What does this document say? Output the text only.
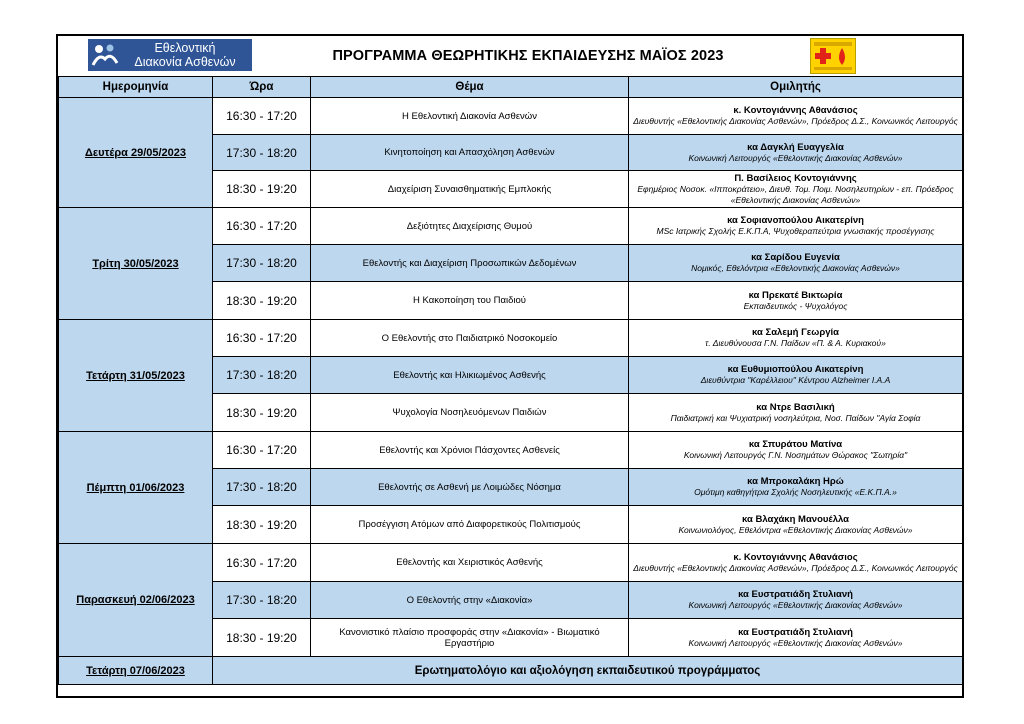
Εθελοντική
Διακονία Ασθενών	ΠΡΟΓΡΑΜΜΑ ΘΕΩΡΗΤΙΚΗΣ ΕΚΠΑΙΔΕΥΣΗΣ ΜΑΪΟΣ 2023
Ημερομηνία	Ώρα	Θέμα	Ομιλητής
Δευτέρα 29/05/2023	16:30 - 17:20	Η Εθελοντική Διακονία Ασθενών	κ. Κοντογιάννης Αθανάσιος
Διευθυντής «Εθελοντικής Διακονίας Ασθενών», Πρόεδρος Δ.Σ., Κοινωνικός Λειτουργός

	17:30 - 18:20	Κινητοποίηση και Απασχόληση Ασθενών	κα Δαγκλή Ευαγγελία
Κοινωνική Λειτουργός «Εθελοντικής Διακονίας Ασθενών»

	18:30 - 19:20	Διαχείριση Συναισθηματικής Εμπλοκής	Π. Βασίλειος Κοντογιάννης
Εφημέριος Νοσοκ. «Ιπποκράτειο», Διευθ. Τομ. Ποιμ. Νοσηλευτηρίων - επ. Πρόεδρος «Εθελοντικής Διακονίας Ασθενών»

Τρίτη 30/05/2023	16:30 - 17:20	Δεξιότητες Διαχείρισης Θυμού	κα Σοφιανοπούλου Αικατερίνη
MSc Ιατρικής Σχολής Ε.Κ.Π.Α, Ψυχοθεραπεύτρια γνωσιακής προσέγγισης

	17:30 - 18:20	Εθελοντής και Διαχείριση Προσωπικών Δεδομένων	κα Σαρίδου Ευγενία
Νομικός, Εθελόντρια «Εθελοντικής Διακονίας Ασθενών»

	18:30 - 19:20	Η Κακοποίηση του Παιδιού	κα Πρεκατέ Βικτωρία
Εκπαιδευτικός - Ψυχολόγος

Τετάρτη 31/05/2023	16:30 - 17:20	Ο Εθελοντής στο Παιδιατρικό Νοσοκομείο	κα Σαλεμή Γεωργία
τ. Διευθύνουσα Γ.Ν. Παίδων «Π. & Α. Κυριακού»

	17:30 - 18:20	Εθελοντής και Ηλικιωμένος Ασθενής	κα Ευθυμιοπούλου Αικατερίνη
Διευθύντρια "Καρέλλειου" Κέντρου Alzheimer Ι.Α.Α

	18:30 - 19:20	Ψυχολογία Νοσηλευόμενων Παιδιών	κα Ντρε Βασιλική
Παιδιατρική και Ψυχιατρική νοσηλεύτρια, Νοσ. Παίδων "Αγία Σοφία

Πέμπτη 01/06/2023	16:30 - 17:20	Εθελοντής και Χρόνιοι Πάσχοντες Ασθενείς	κα Σπυράτου Ματίνα
Κοινωνική Λειτουργός Γ.Ν. Νοσημάτων Θώρακος "Σωτηρία"

	17:30 - 18:20	Εθελοντής σε Ασθενή με Λοιμώδες Νόσημα	κα Μπροκαλάκη Ηρώ
Ομότιμη καθηγήτρια Σχολής Νοσηλευτικής «Ε.Κ.Π.Α.»

	18:30 - 19:20	Προσέγγιση Ατόμων από Διαφορετικούς Πολιτισμούς	κα Βλαχάκη Μανουέλλα
Κοινωνιολόγος, Εθελόντρια «Εθελοντικής Διακονίας Ασθενών»

Παρασκευή 02/06/2023	16:30 - 17:20	Εθελοντής και Χειριστικός Ασθενής	κ. Κοντογιάννης Αθανάσιος
Διευθυντής «Εθελοντικής Διακονίας Ασθενών», Πρόεδρος Δ.Σ., Κοινωνικός Λειτουργός

	17:30 - 18:20	Ο Εθελοντής στην «Διακονία»	κα Ευστρατιάδη Στυλιανή
Κοινωνική Λειτουργός «Εθελοντικής Διακονίας Ασθενών»

	18:30 - 19:20	Κανονιστικό πλαίσιο προσφοράς στην «Διακονία» - Βιωματικό Εργαστήριο	κα Ευστρατιάδη Στυλιανή
Κοινωνική Λειτουργός «Εθελοντικής Διακονίας Ασθενών»

Τετάρτη 07/06/2023	Ερωτηματολόγιο και αξιολόγηση εκπαιδευτικού προγράμματος		
